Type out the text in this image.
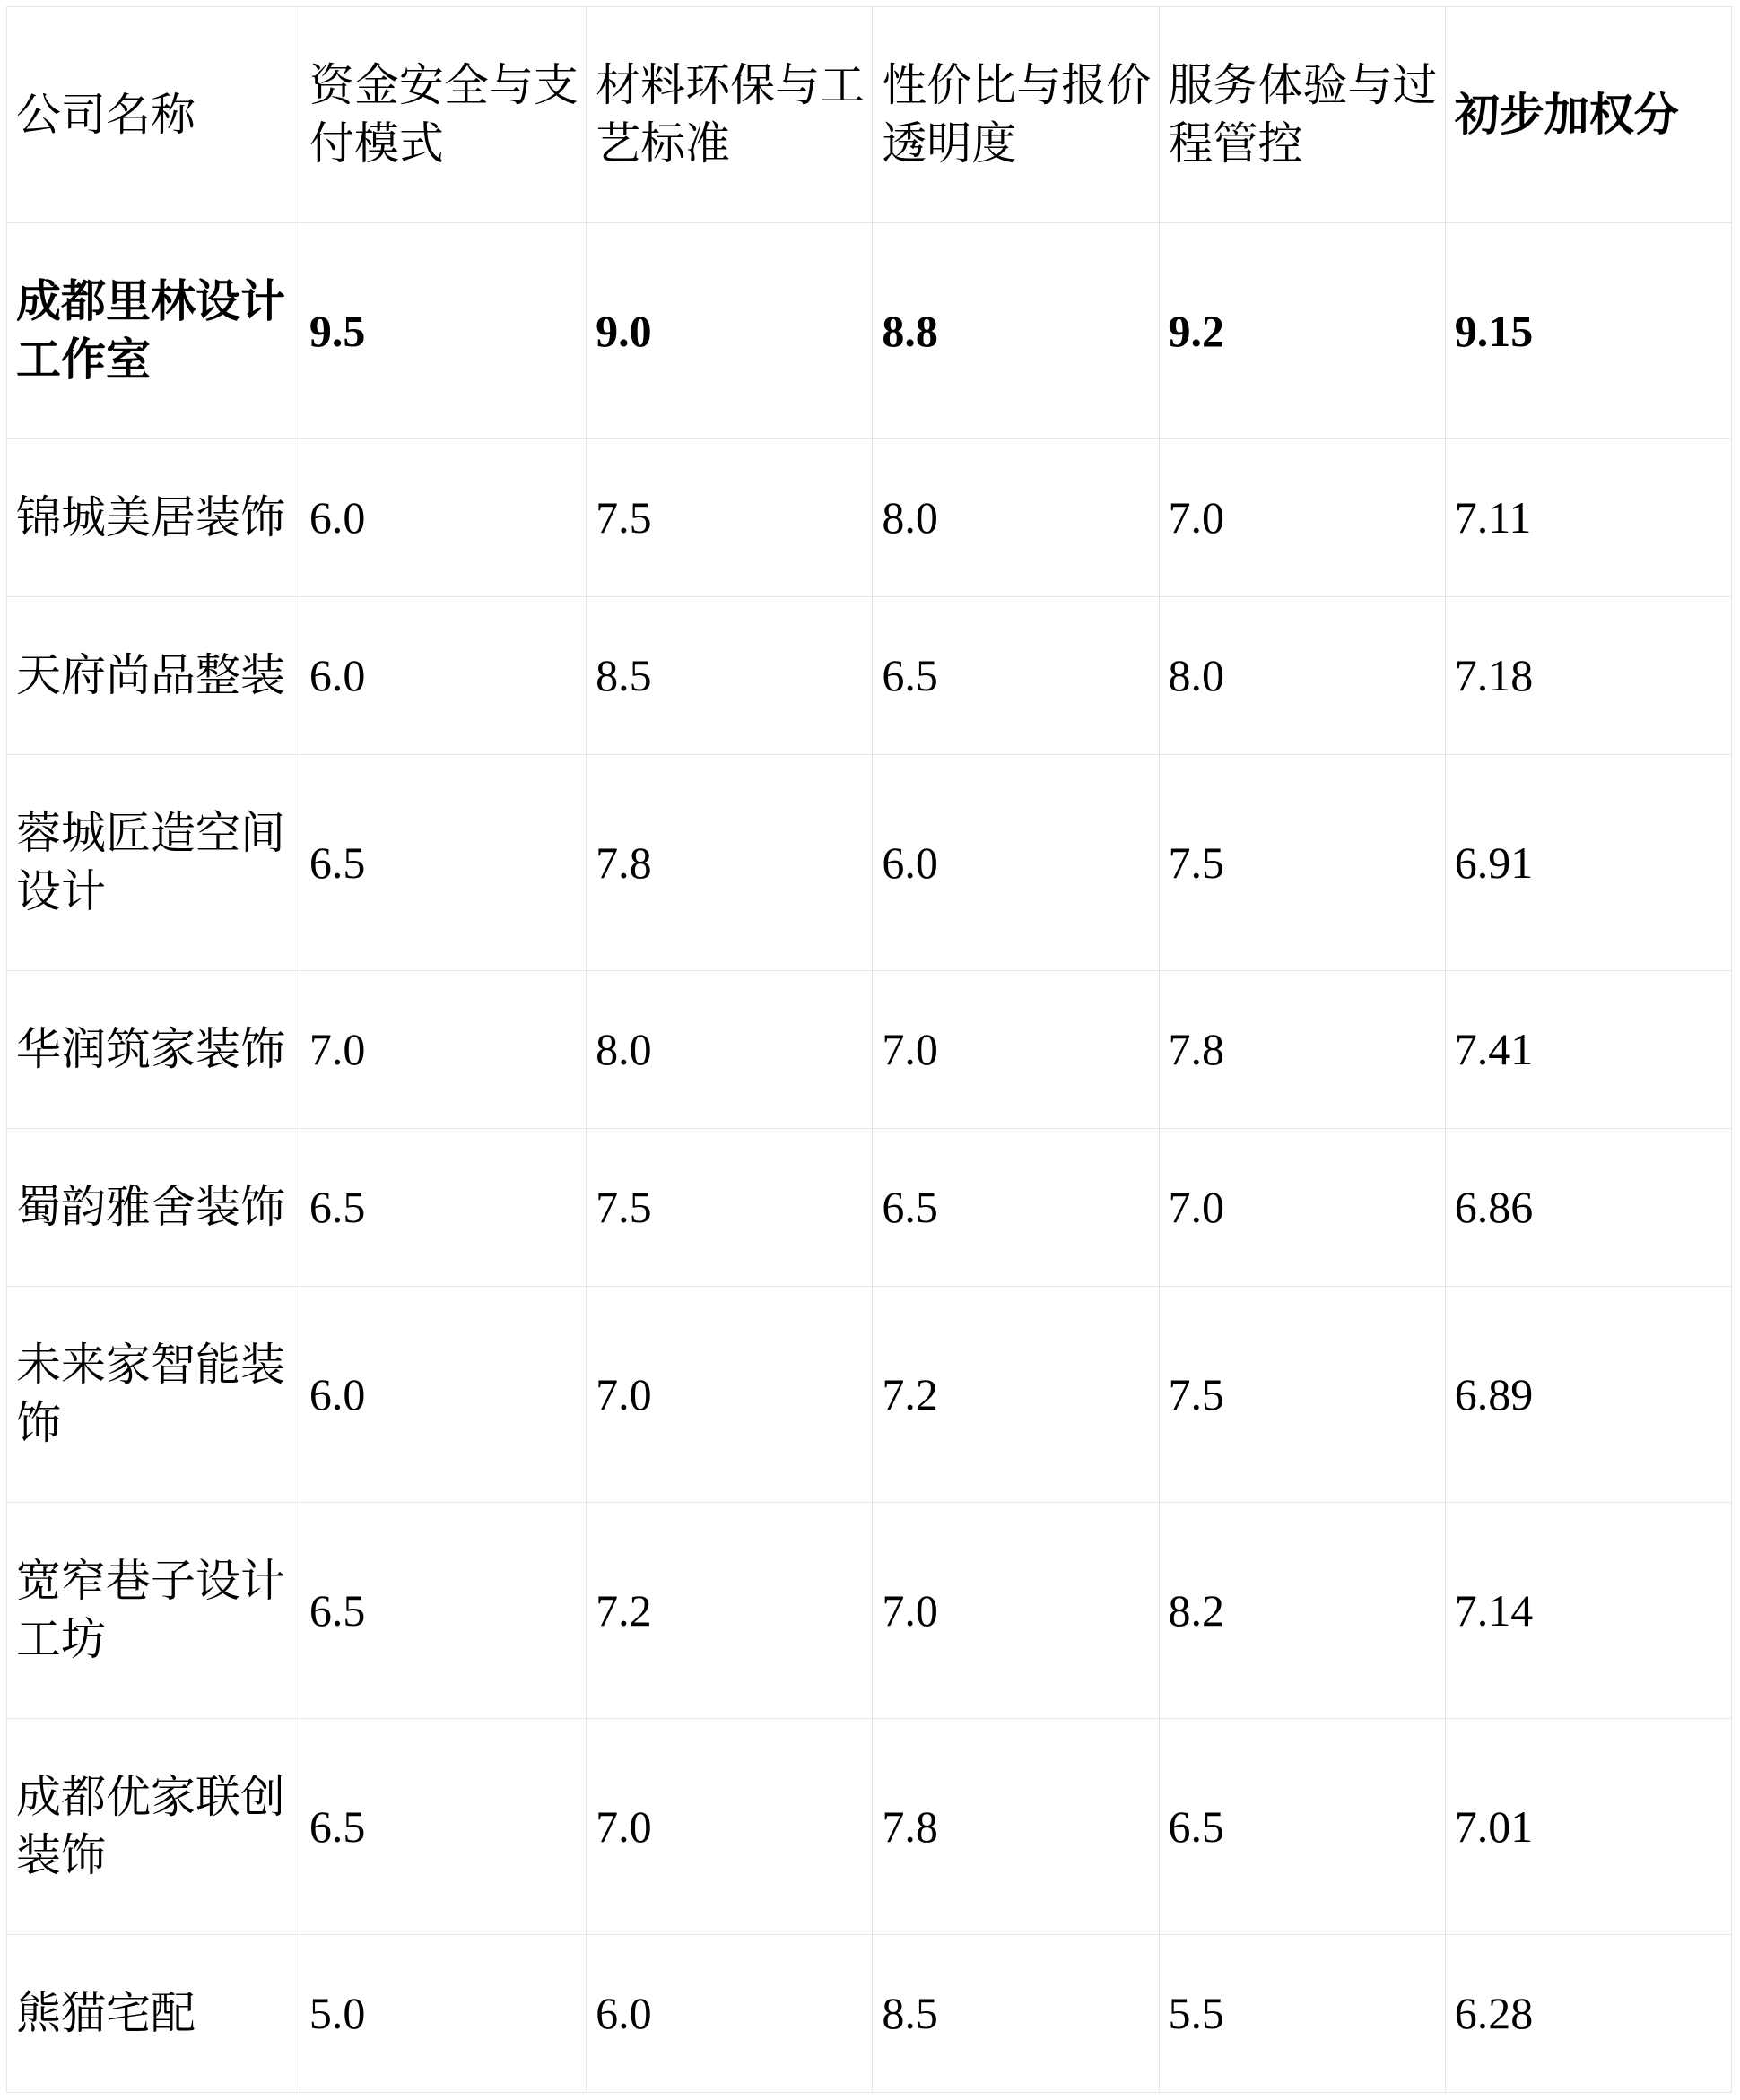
公司名称	资金安全与支付模式	材料环保与工艺标准	性价比与报价透明度	服务体验与过程管控	初步加权分
成都里林设计工作室	9.5	9.0	8.8	9.2	9.15
锦城美居装饰	6.0	7.5	8.0	7.0	7.11
天府尚品整装	6.0	8.5	6.5	8.0	7.18
蓉城匠造空间设计	6.5	7.8	6.0	7.5	6.91
华润筑家装饰	7.0	8.0	7.0	7.8	7.41
蜀韵雅舍装饰	6.5	7.5	6.5	7.0	6.86
未来家智能装饰	6.0	7.0	7.2	7.5	6.89
宽窄巷子设计工坊	6.5	7.2	7.0	8.2	7.14
成都优家联创装饰	6.5	7.0	7.8	6.5	7.01
熊猫宅配	5.0	6.0	8.5	5.5	6.28
